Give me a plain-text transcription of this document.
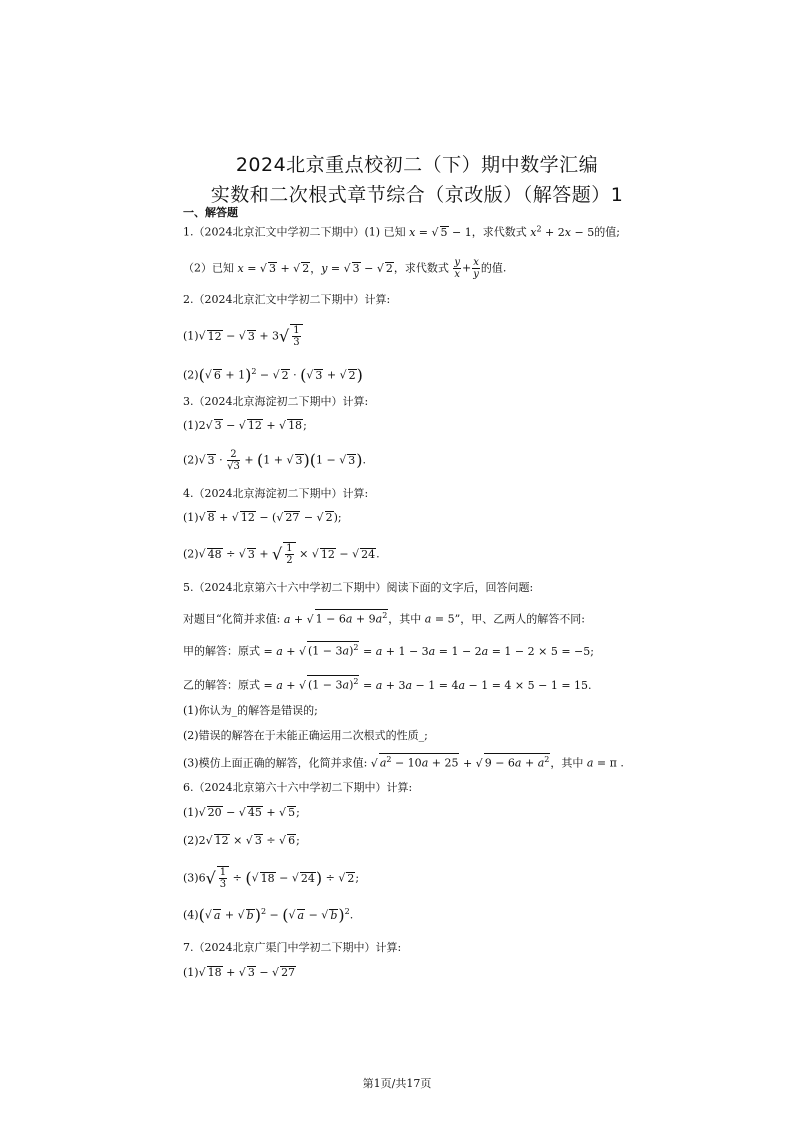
2024北京重点校初二（下）期中数学汇编
实数和二次根式章节综合（京改版）（解答题）1
一、解答题
1.（2024北京汇文中学初二下期中）(1) 已知 x = √ 5 − 1，求代数式 $x^2 + 2x - 5$的值;
（2）已知 x = √ 3 + √ 2，y = √ 3 − √ 2，求代数式 $\frac{y}{x} + \frac{x}{y}$ 的值.
2.（2024北京汇文中学初二下期中）计算:
(1)√ 12 − √ $3 + 3√ \frac{1}{3}$
(2)(√ 6 + 1)$^2$ − √ 2 · (√ 3 + √ 2)
3.（2024北京海淀初二下期中）计算:
(1)2√ 3 − √ 12 + √ 18;
(2)√ $3 \cdot \frac{2}{√3} + (1$ + √ 3)(1 − √ 3).
4.（2024北京海淀初二下期中）计算:
(1)√ 8 + √ 12 − (√ 27 − √ 2);
(2)√ 48 ÷ √ 3 + √ $\frac{1}{2}$ × √ 12 − √ 24.
5.（2024北京第六十六中学初二下期中）阅读下面的文字后，回答问题:
对题目“化简并求值: a + √ $1 - 6a + 9a^2$，其中 a = 5”，甲、乙两人的解答不同:
甲的解答：原式 = a + √ $(1 - 3a)^2 = a + 1 - 3a = 1 - 2a = 1 - 2 \times 5 = -5$;
乙的解答：原式 = a + √ $(1 - 3a)^2 = a + 3a - 1 = 4a - 1 = 4 \times 5 - 1 = 15$.
(1)你认为_的解答是错误的;
(2)错误的解答在于未能正确运用二次根式的性质_;
(3)模仿上面正确的解答，化简并求值: √ $a^2 - 10a + 25$ + √ $9 - 6a + a^2$，其中 a = π .
6.（2024北京第六十六中学初二下期中）计算:
(1)√ 20 − √ 45 + √ 5;
(2)2√ 12 × √ 3 ÷ √ 6;
$(3)6√ \frac{1}{3}$ ÷ (√ 18 − √ 24) ÷ √ 2;
(4)(√ a + √ b)$^2$ − (√ a − √ b)$^2$.
7.（2024北京广渠门中学初二下期中）计算:
(1)√ 18 + √ 3 − √ 27
第1页/共17页
